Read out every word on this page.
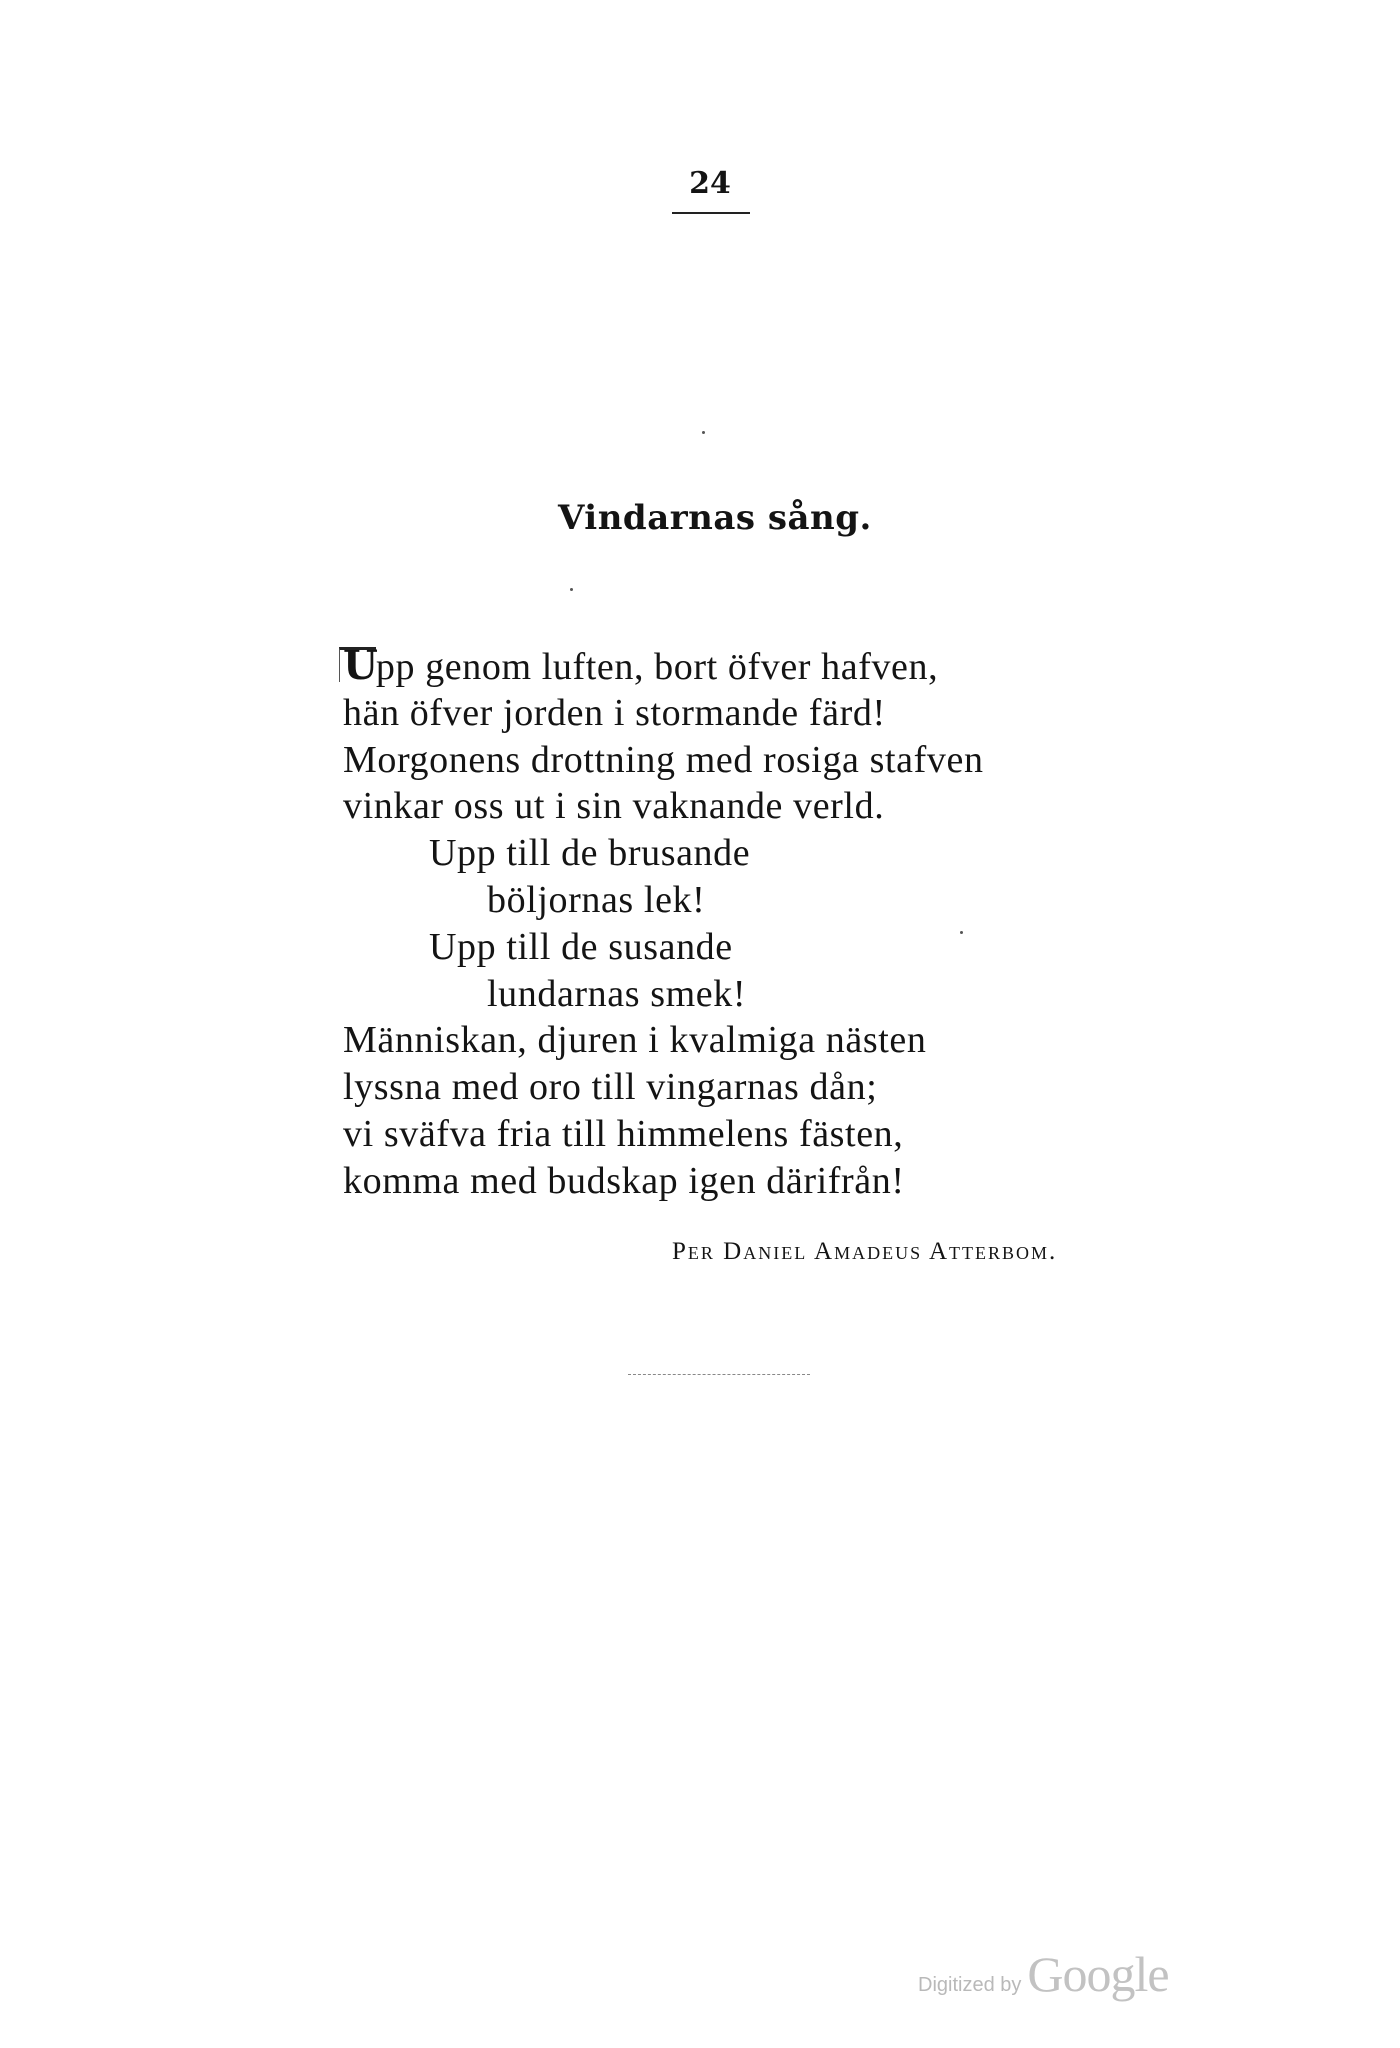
24
Vindarnas sång.
Upp genom luften, bort öfver hafven,
hän öfver jorden i stormande färd!
Morgonens drottning med rosiga stafven
vinkar oss ut i sin vaknande verld.
Upp till de brusande
böljornas lek!
Upp till de susande
lundarnas smek!
Människan, djuren i kvalmiga nästen
lyssna med oro till vingarnas dån;
vi sväfva fria till himmelens fästen,
komma med budskap igen därifrån!
Per Daniel Amadeus Atterbom.
Digitized by Google
